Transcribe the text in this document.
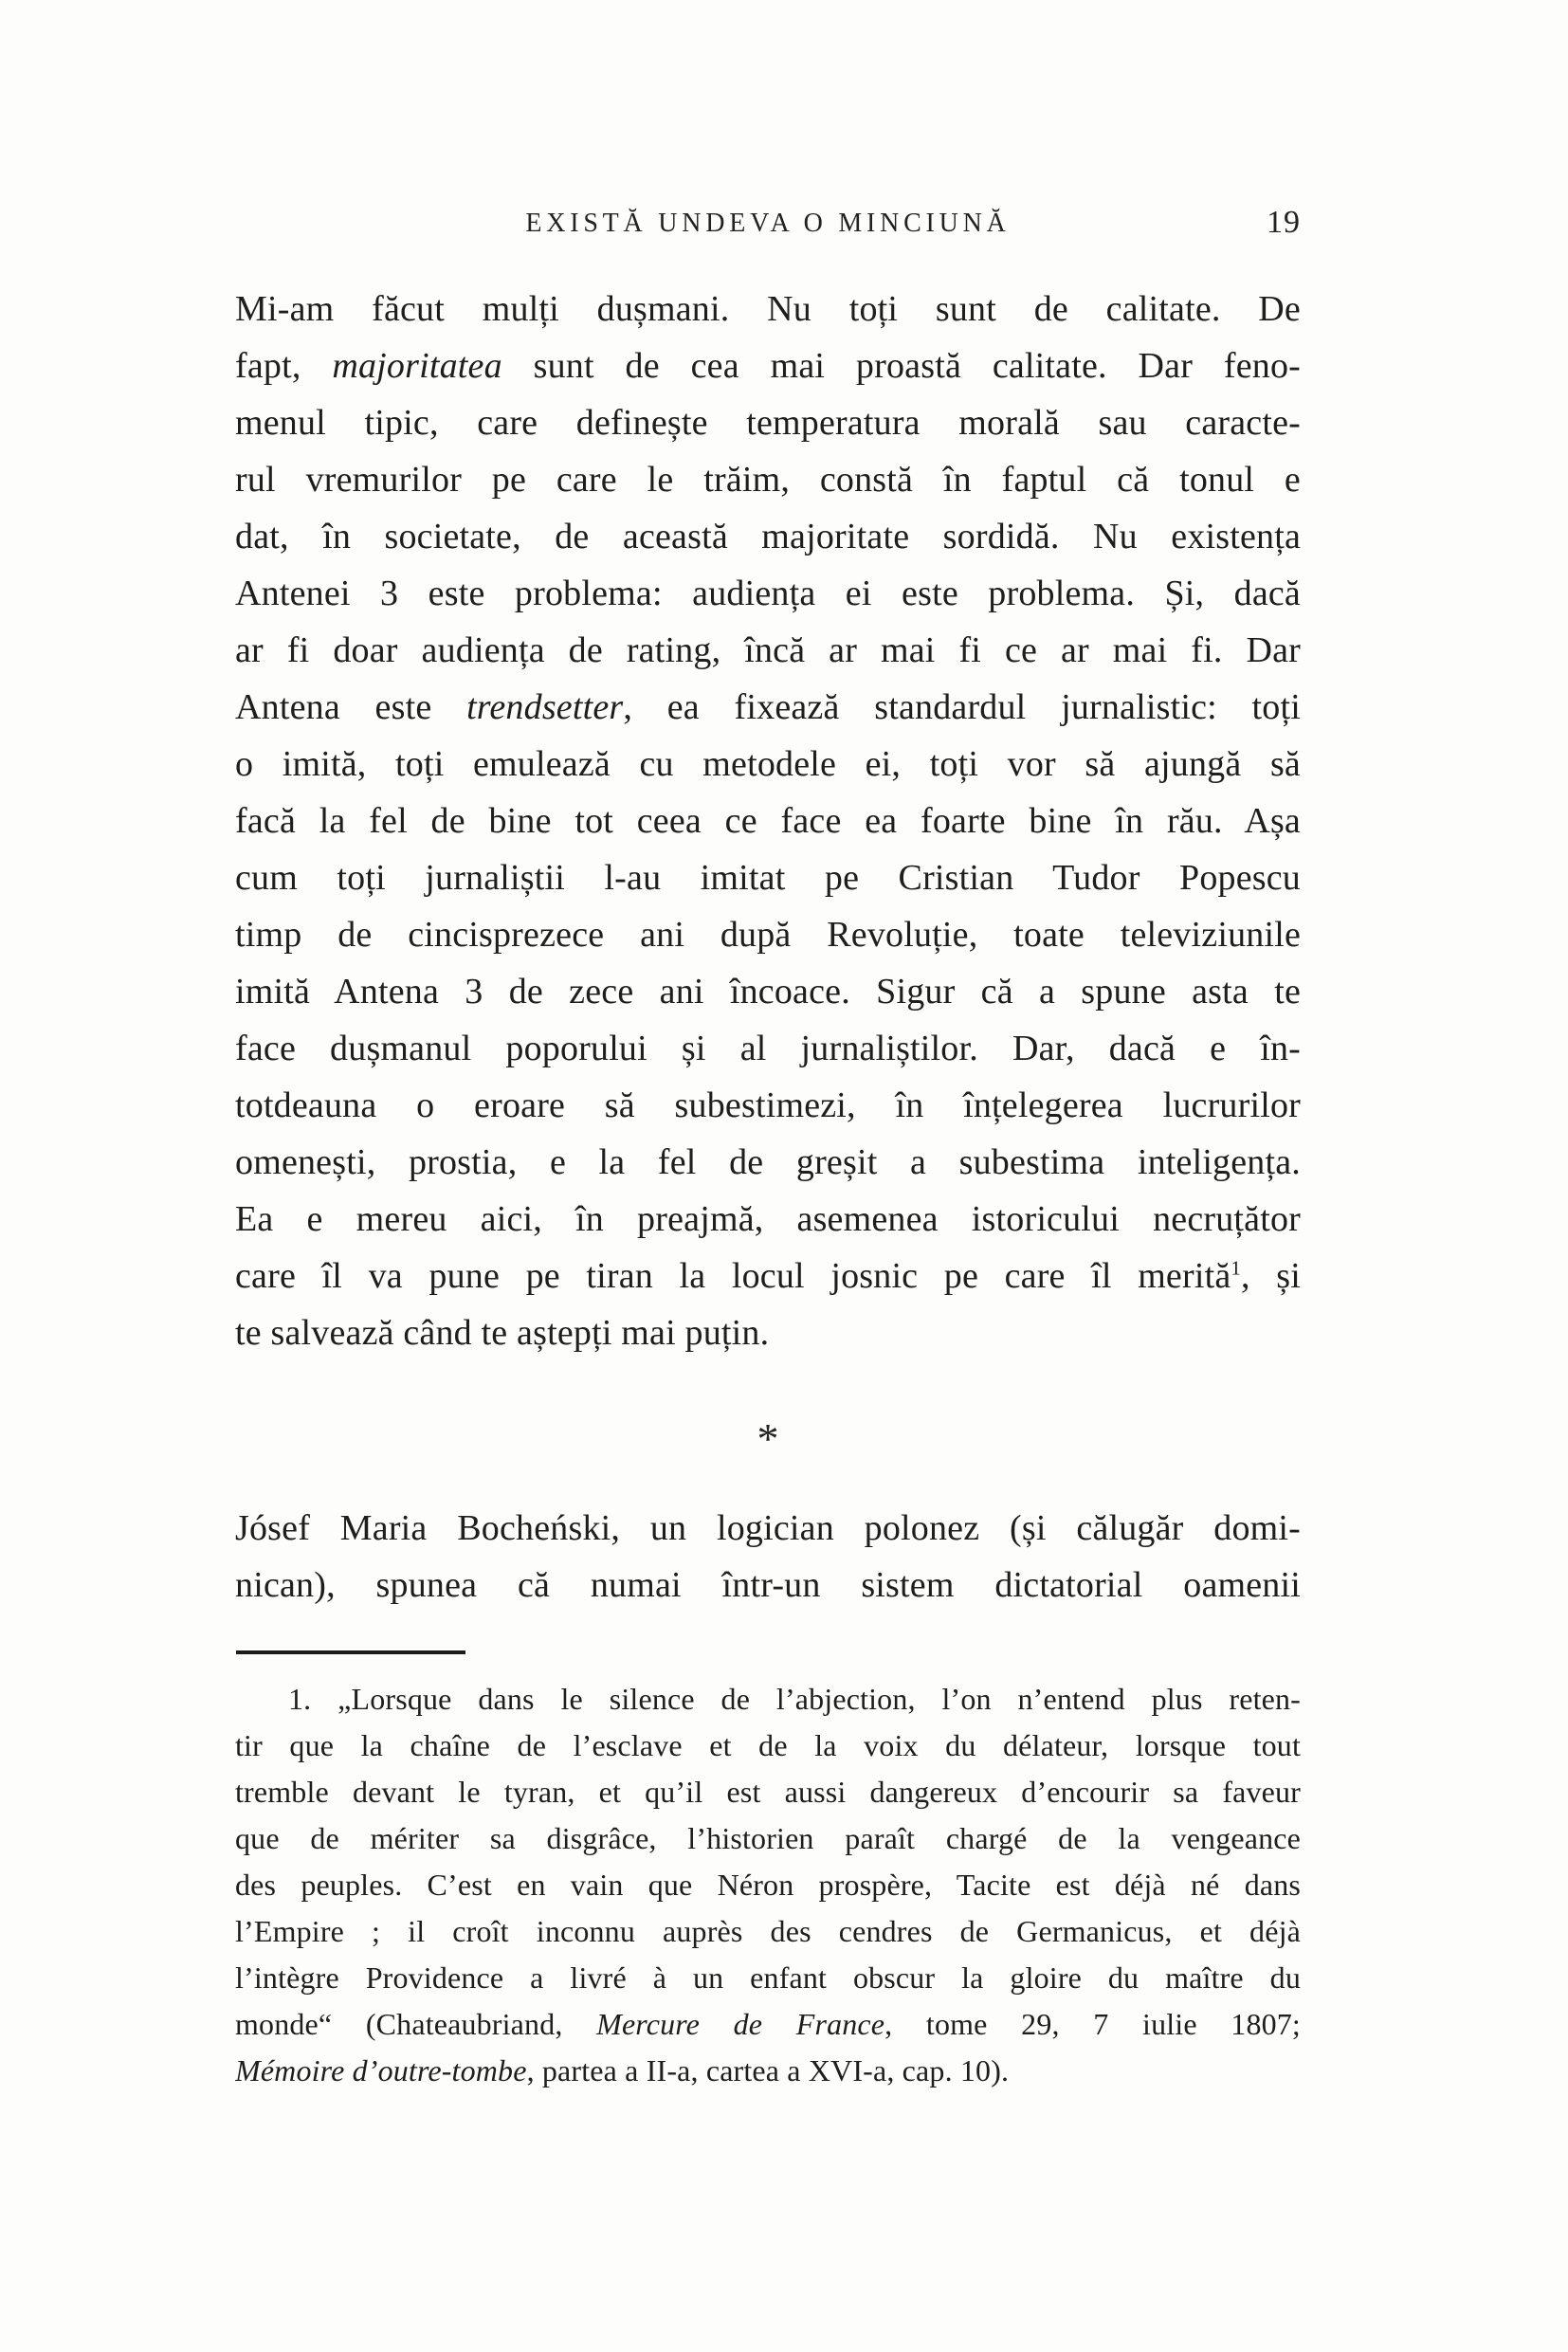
EXISTĂ UNDEVA O MINCIUNĂ	19
Mi-am făcut mulți dușmani. Nu toți sunt de calitate. De
fapt, majoritatea sunt de cea mai proastă calitate. Dar feno-
menul tipic, care definește temperatura morală sau caracte-
rul vremurilor pe care le trăim, constă în faptul că tonul e
dat, în societate, de această majoritate sordidă. Nu existența
Antenei 3 este problema: audiența ei este problema. Și, dacă
ar fi doar audiența de rating, încă ar mai fi ce ar mai fi. Dar
Antena este trendsetter, ea fixează standardul jurnalistic: toți
o imită, toți emulează cu metodele ei, toți vor să ajungă să
facă la fel de bine tot ceea ce face ea foarte bine în rău. Așa
cum toți jurnaliștii l-au imitat pe Cristian Tudor Popescu
timp de cincisprezece ani după Revoluție, toate televiziunile
imită Antena 3 de zece ani încoace. Sigur că a spune asta te
face dușmanul poporului și al jurnaliștilor. Dar, dacă e în-
totdeauna o eroare să subestimezi, în înțelegerea lucrurilor
omenești, prostia, e la fel de greșit a subestima inteligența.
Ea e mereu aici, în preajmă, asemenea istoricului necruțător
care îl va pune pe tiran la locul josnic pe care îl merită$^1$, și
te salvează când te aștepți mai puțin.
*
Jósef Maria Bocheński, un logician polonez (și călugăr domi-
nican), spunea că numai într-un sistem dictatorial oamenii
1. „Lorsque dans le silence de l’abjection, l’on n’entend plus reten-
tir que la chaîne de l’esclave et de la voix du délateur, lorsque tout
tremble devant le tyran, et qu’il est aussi dangereux d’encourir sa faveur
que de mériter sa disgrâce, l’historien paraît chargé de la vengeance
des peuples. C’est en vain que Néron prospère, Tacite est déjà né dans
l’Empire ; il croît inconnu auprès des cendres de Germanicus, et déjà
l’intègre Providence a livré à un enfant obscur la gloire du maître du
monde“ (Chateaubriand, Mercure de France, tome 29, 7 iulie 1807;
Mémoire d’outre-tombe, partea a II-a, cartea a XVI-a, cap. 10).
